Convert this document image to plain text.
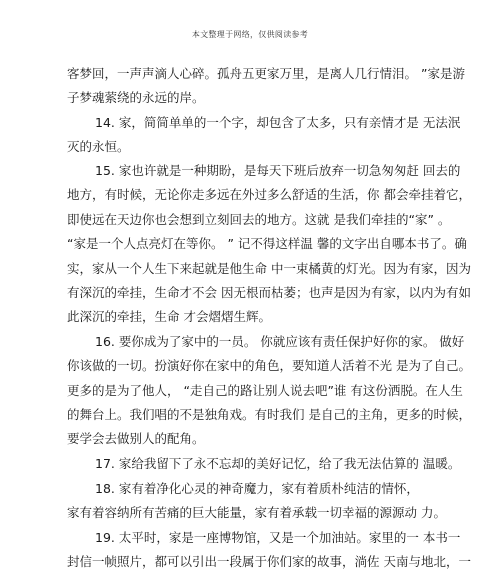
本文整理于网络，仅供阅读参考
客梦回，一声声滴人心碎。孤舟五更家万里，是离人几行情泪。 ”家是游
子梦魂萦绕的永远的岸。
14. 家，简简单单的一个字，却包含了太多，只有亲情才是 无法泯
灭的永恒。
15. 家也许就是一种期盼，是每天下班后放弃一切急匆匆赶 回去的
地方，有时候，无论你走多远在外过多么舒适的生活，你 都会牵挂着它，
即使远在天边你也会想到立刻回去的地方。这就 是我们牵挂的“家” 。
“家是一个人点亮灯在等你。 ” 记不得这样温 馨的文字出自哪本书了。确
实，家从一个人生下来起就是他生命 中一束橘黄的灯光。因为有家，因为
有深沉的牵挂，生命才不会 因无根而枯萎；也声是因为有家，以内为有如
此深沉的牵挂，生命 才会熠熠生辉。
16. 要你成为了家中的一员。 你就应该有责任保护好你的家。 做好
你该做的一切。扮演好你在家中的角色，要知道人活着不光 是为了自己。
更多的是为了他人， “走自己的路让别人说去吧”谁 有这份洒脱。在人生
的舞台上。我们唱的不是独角戏。有时我们 是自己的主角，更多的时候，
要学会去做别人的配角。
17. 家给我留下了永不忘却的美好记忆，给了我无法估算的 温暖。
18. 家有着净化心灵的神奇魔力，家有着质朴纯洁的情怀，
家有着容纳所有苦痛的巨大能量，家有着承载一切幸福的源源动 力。
19. 太平时，家是一座博物馆，又是一个加油站。家里的一 本书一
封信一帧照片，都可以引出一段属于你们家的故事，淌佐 天南与地北，一
